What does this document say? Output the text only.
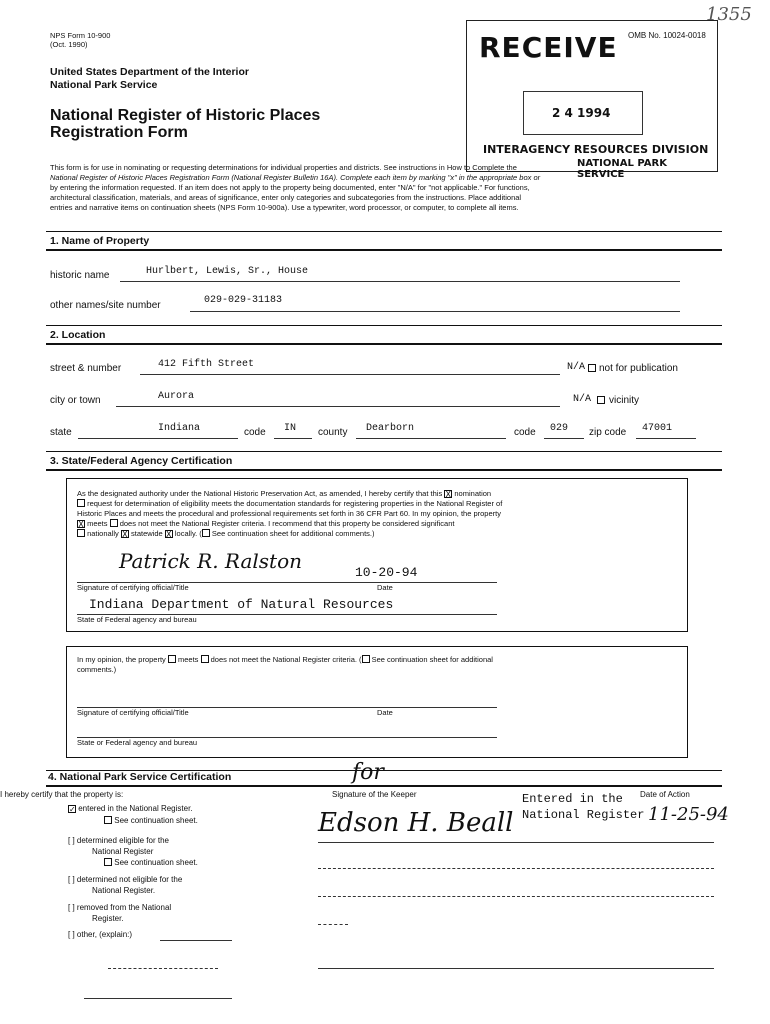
NPS Form 10-900
(Oct. 1990)
OMB No. 10024-0018
1355
United States Department of the Interior
National Park Service
National Register of Historic Places
Registration Form
RECEIVE
2 4 1994
INTERAGENCY RESOURCES DIVISION
NATIONAL PARK SERVICE
This form is for use in nominating or requesting determinations for individual properties and districts. See instructions in How to Complete the
National Register of Historic Places Registration Form (National Register Bulletin 16A). Complete each item by marking "x" in the appropriate box or
by entering the information requested. If an item does not apply to the property being documented, enter "N/A" for "not applicable." For functions,
architectural classification, materials, and areas of significance, enter only categories and subcategories from the instructions. Place additional
entries and narrative items on continuation sheets (NPS Form 10-900a). Use a typewriter, word processor, or computer, to complete all items.
1. Name of Property
historic name	Hurlbert, Lewis, Sr., House
other names/site number	029-029-31183
2. Location
street & number	412 Fifth Street	N/A not for publication
city or town	Aurora	N/A vicinity
state	Indiana	code IN county Dearborn	code 029 zip code 47001
3. State/Federal Agency Certification
As the designated authority under the National Historic Preservation Act, as amended, I hereby certify that this X nomination
request for determination of eligibility meets the documentation standards for registering properties in the National Register of
Historic Places and meets the procedural and professional requirements set forth in 36 CFR Part 60. In my opinion, the property
X meets does not meet the National Register criteria. I recommend that this property be considered significant
nationally X statewide X locally. ( See continuation sheet for additional comments.)
Patrick R. Ralston	10-20-94
Signature of certifying official/Title	Date
Indiana Department of Natural Resources
State of Federal agency and bureau
In my opinion, the property meets does not meet the National Register criteria. ( See continuation sheet for additional
comments.)
Signature of certifying official/Title	Date
State or Federal agency and bureau
4. National Park Service Certification
I hereby certify that the property is:
✓ entered in the National Register.
See continuation sheet.
[ ] determined eligible for the
National Register
See continuation sheet.
[ ] determined not eligible for the
National Register.
[ ] removed from the National
Register.
[ ] other, (explain:)
for
Signature of the Keeper	Date of Action
Edson H. Beall
Entered in the
National Register 11-25-94
